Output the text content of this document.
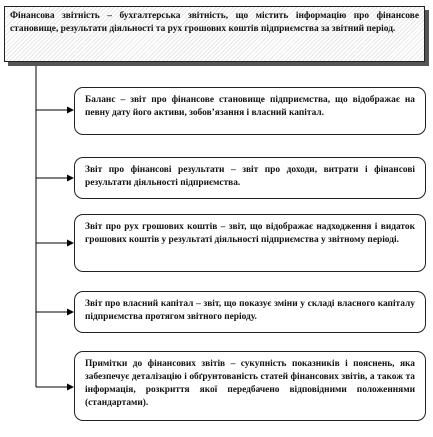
Фінансова звітність – бухгалтерська звітність, що містить інформацію про фінансове становище, результати діяльності та рух грошових коштів підприємства за звітний період.
Баланс – звіт про фінансове становище підприємства, що відображає на певну дату його активи, зобов’язання і власний капітал.
Звіт про фінансові результати – звіт про доходи, витрати і фінансові результати діяльності підприємства.
Звіт про рух грошових коштів – звіт, що відображає надходження і видаток грошових коштів у результаті діяльності підприємства у звітному періоді.
Звіт про власний капітал – звіт, що показує зміни у складі власного капіталу підприємства протягом звітного періоду.
Примітки до фінансових звітів – сукупність показників і пояснень, яка забезпечує деталізацію і обґрунтованість статей фінансових звітів, а також та інформація, розкриття якої передбачено відповідними положеннями (стандартами).
